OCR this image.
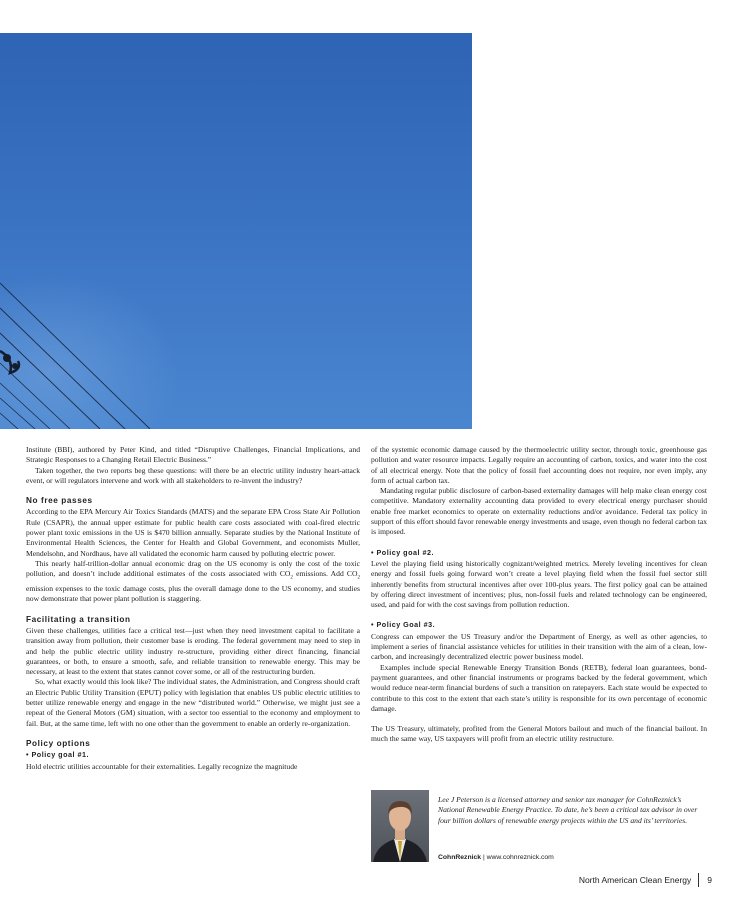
Institute (BBI), authored by Peter Kind, and titled “Disruptive Challenges, Financial Implications, and Strategic Responses to a Changing Retail Electric Business.”

Taken together, the two reports beg these questions: will there be an electric utility industry heart-attack event, or will regulators intervene and work with all stakeholders to re-invent the industry?

No free passes

According to the EPA Mercury Air Toxics Standards (MATS) and the separate EPA Cross State Air Pollution Rule (CSAPR), the annual upper estimate for public health care costs associated with coal-fired electric power plant toxic emissions in the US is $470 billion annually. Separate studies by the National Institute of Environmental Health Sciences, the Center for Health and Global Government, and economists Muller, Mendelsohn, and Nordhaus, have all validated the economic harm caused by polluting electric power.

This nearly half-trillion-dollar annual economic drag on the US economy is only the cost of the toxic pollution, and doesn’t include additional estimates of the costs associated with $CO_2$ emissions. Add $CO_2$ emission expenses to the toxic damage costs, plus the overall damage done to the US economy, and studies now demonstrate that power plant pollution is staggering.

Facilitating a transition

Given these challenges, utilities face a critical test—just when they need investment capital to facilitate a transition away from pollution, their customer base is eroding. The federal government may need to step in and help the public electric utility industry re-structure, providing either direct financing, financial guarantees, or both, to ensure a smooth, safe, and reliable transition to renewable energy. This may be necessary, at least to the extent that states cannot cover some, or all of the restructuring burden.

So, what exactly would this look like? The individual states, the Administration, and Congress should craft an Electric Public Utility Transition (EPUT) policy with legislation that enables US public electric utilities to better utilize renewable energy and engage in the new “distributed world.” Otherwise, we might just see a repeat of the General Motors (GM) situation, with a sector too essential to the economy and employment to fail. But, at the same time, left with no one other than the government to enable an orderly re-organization.

Policy options
• Policy goal #1.

Hold electric utilities accountable for their externalities. Legally recognize the magnitude

of the systemic economic damage caused by the thermoelectric utility sector, through toxic, greenhouse gas pollution and water resource impacts. Legally require an accounting of carbon, toxics, and water into the cost of all electrical energy. Note that the policy of fossil fuel accounting does not require, nor even imply, any form of actual carbon tax.

Mandating regular public disclosure of carbon-based externality damages will help make clean energy cost competitive. Mandatory externality accounting data provided to every electrical energy purchaser should enable free market economics to operate on externality reductions and/or avoidance. Federal tax policy in support of this effort should favor renewable energy investments and usage, even though no federal carbon tax is imposed.

• Policy goal #2.

Level the playing field using historically cognizant/weighted metrics. Merely leveling incentives for clean energy and fossil fuels going forward won’t create a level playing field when the fossil fuel sector still inherently benefits from structural incentives after over 100-plus years. The first policy goal can be attained by offering direct investment of incentives; plus, non-fossil fuels and related technology can be engineered, used, and paid for with the cost savings from pollution reduction.

• Policy Goal #3.

Congress can empower the US Treasury and/or the Department of Energy, as well as other agencies, to implement a series of financial assistance vehicles for utilities in their transition with the aim of a clean, low-carbon, and increasingly decentralized electric power business model.

Examples include special Renewable Energy Transition Bonds (RETB), federal loan guarantees, bond-payment guarantees, and other financial instruments or programs backed by the federal government, which would reduce near-term financial burdens of such a transition on ratepayers. Each state would be expected to contribute to this cost to the extent that each state’s utility is responsible for its own percentage of economic damage.

The US Treasury, ultimately, profited from the General Motors bailout and much of the financial bailout. In much the same way, US taxpayers will profit from an electric utility restructure.

Lee J Peterson is a licensed attorney and senior tax manager for CohnReznick’s National Renewable Energy Practice. To date, he’s been a critical tax advisor in over four billion dollars of renewable energy projects within the US and its’ territories.
CohnReznick | www.cohnreznick.com
North American Clean Energy 9
